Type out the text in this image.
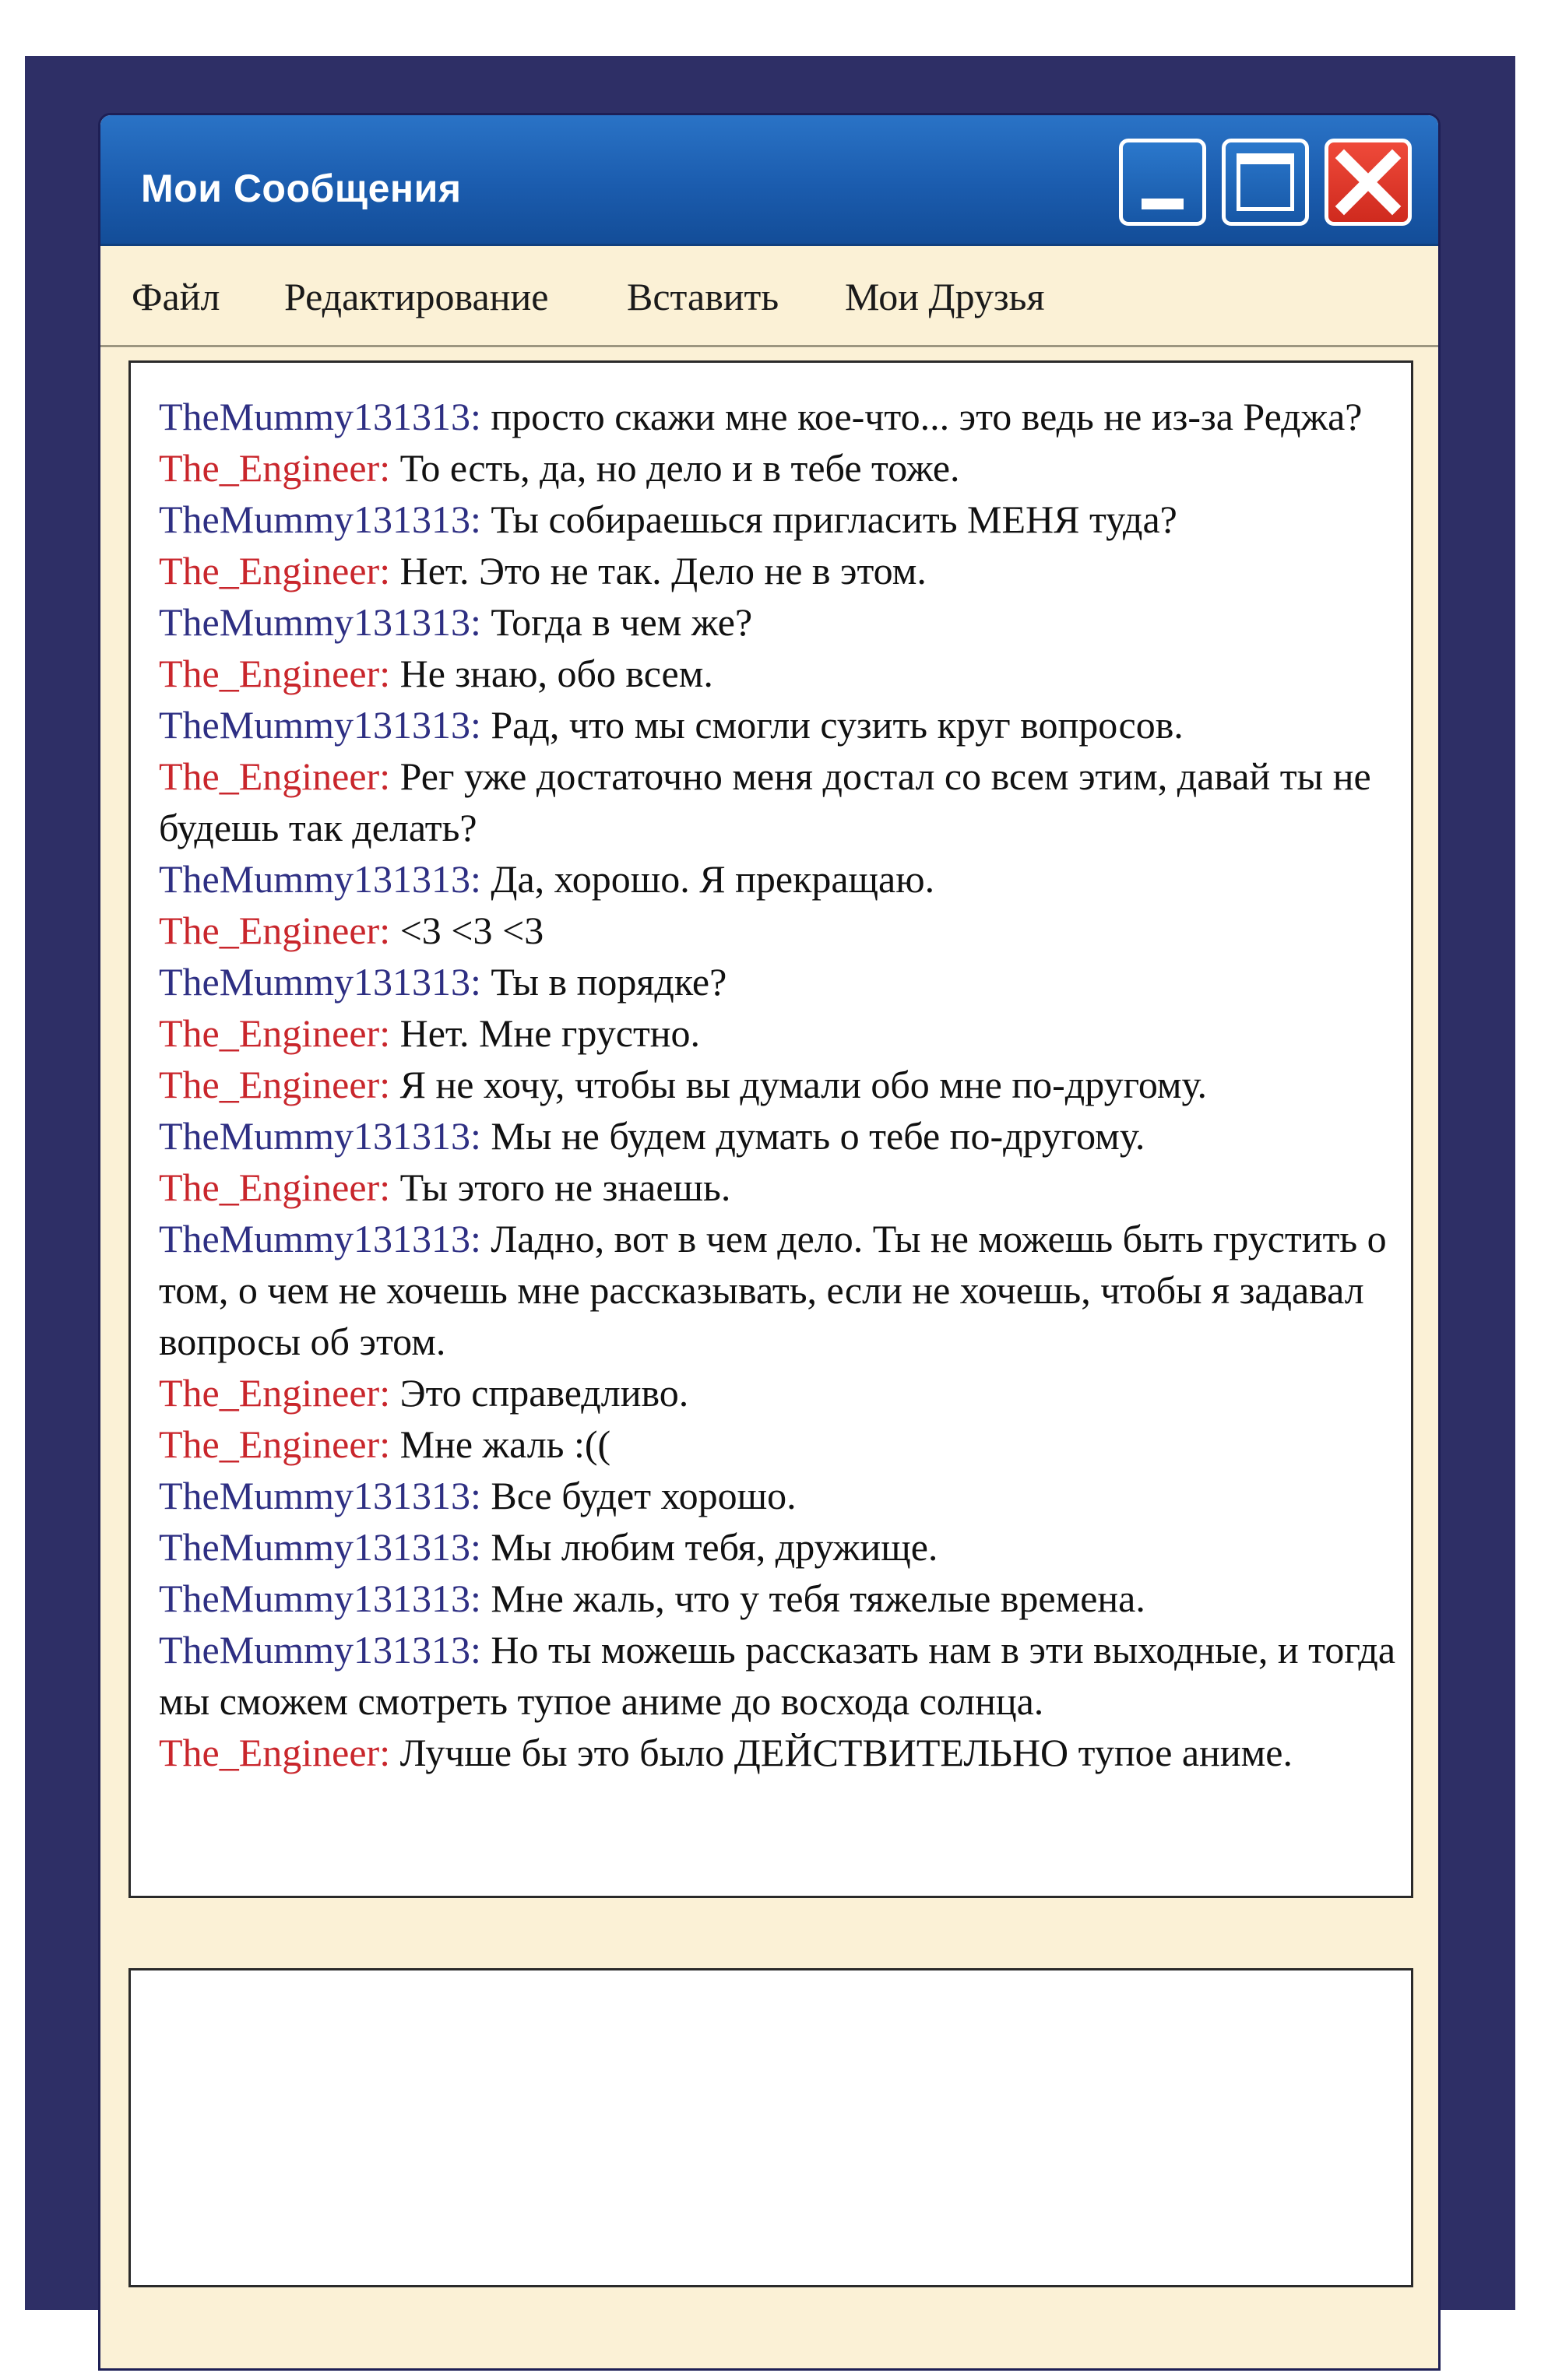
Мои Сообщения
Файл Редактирование Вставить Мои Друзья

TheMummy131313: просто скажи мне кое-что... это ведь не из-за Реджа?

The_Engineer: То есть, да, но дело и в тебе тоже.

TheMummy131313: Ты собираешься пригласить МЕНЯ туда?

The_Engineer: Нет. Это не так. Дело не в этом.

TheMummy131313: Тогда в чем же?

The_Engineer: Не знаю, обо всем.

TheMummy131313: Рад, что мы смогли сузить круг вопросов.

The_Engineer: Рег уже достаточно меня достал со всем этим, давай ты не будешь так делать?

TheMummy131313: Да, хорошо. Я прекращаю.

The_Engineer: <3 <3 <3

TheMummy131313: Ты в порядке?

The_Engineer: Нет. Мне грустно.

The_Engineer: Я не хочу, чтобы вы думали обо мне по-другому.

TheMummy131313: Мы не будем думать о тебе по-другому.

The_Engineer: Ты этого не знаешь.

TheMummy131313: Ладно, вот в чем дело. Ты не можешь быть грустить о том, о чем не хочешь мне рассказывать, если не хочешь, чтобы я задавал вопросы об этом.

The_Engineer: Это справедливо.

The_Engineer: Мне жаль :((

TheMummy131313: Все будет хорошо.

TheMummy131313: Мы любим тебя, дружище.

TheMummy131313: Мне жаль, что у тебя тяжелые времена.

TheMummy131313: Но ты можешь рассказать нам в эти выходные, и тогда мы сможем смотреть тупое аниме до восхода солнца.

The_Engineer: Лучше бы это было ДЕЙСТВИТЕЛЬНО тупое аниме.
